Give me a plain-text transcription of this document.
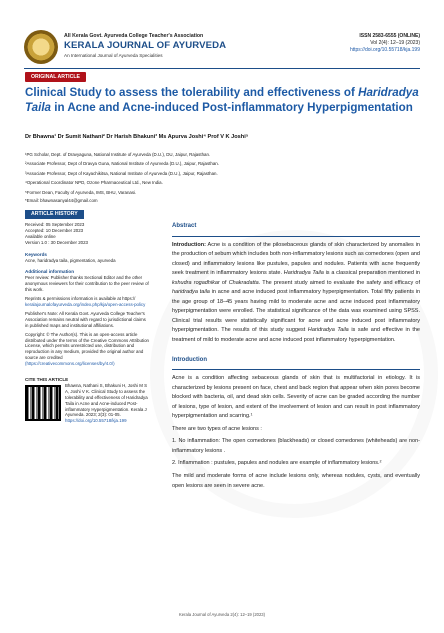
All Kerala Govt. Ayurveda College Teacher's Association
KERALA JOURNAL OF AYURVEDA
An International Journal of Ayurveda Specialities
ISSN 2583-6555 (ONLINE)
Vol 2(4): 12–19 (2023)
https://doi.org/10.55718/kja.199
ORIGINAL ARTICLE
Clinical Study to assess the tolerability and effectiveness of Haridradya Taila in Acne and Acne-induced Post-inflammatory Hyperpigmentation
Dr Bhawna¹ Dr Sumit Nathani² Dr Harish Bhakuni³ Ms Apurva Joshi⁴ Prof V K Joshi⁵
¹PG Scholar, Dept. of Dravyaguna, National Institute of Ayurveda (D.U.), DU, Jaipur, Rajasthan.
²Associate Professor, Dept of Dravya Guna, National Institute of Ayurveda (D.U.), Jaipur, Rajasthan.
³Associate Professor, Dept of Kayachikitsa, National Institute of Ayurveda (D.U.), Jaipur, Rajasthan.
⁴Operational Coordinator NPD, Ozone Pharmaceutical Ltd., New India.
⁵Former Dean, Faculty of Ayurveda, IMS, BHU, Varanasi.
*Email: bhawnasanyal44@gmail.com
ARTICLE HISTORY

Received: 05 September 2023

Accepted: 10 December 2023

Available online

Version 1.0 : 30 December 2023

Keywords

Acne, haridradya taila, pigmentation, ayurveda

Additional information

Peer review: Publisher thanks Sectional Editor and the other anonymous reviewers for their contribution to the peer review of this work.

Reprints & permissions information is available at https:// keralajournalofayurveda.org/index.php/kja/open-access-policy

Publisher's Note: All Kerala Govt. Ayurveda College Teacher's Association remains neutral with regard to jurisdictional claims in published maps and institutional affiliations.

Copyright: © The Author(s). This is an open-access article distributed under the terms of the Creative Commons Attribution License, which permits unrestricted use, distribution and reproduction in any medium, provided the original author and source are credited (https://creativecommons.org/licenses/by/4.0/)

CITE THIS ARTICLE
Bhawna, Nathani S, Bhakuni H, Joshi M S A, Joshi V K. Clinical Study to assess the tolerability and effectiveness of Haridradya Taila in Acne and Acne-induced Post-inflammatory Hyperpigmentation. Kerala J Ayurveda. 2023; 2(3): 01-05. https://doi.org/10.55718/kja.199
Abstract

Introduction: Acne is a condition of the pilosebaceous glands of skin characterized by anomalies in the production of sebum which includes both non-inflammatory lesions such as comedones (open and closed) and inflammatory lesions like pustules, papules and nodules. Patients with acne frequently seek treatment in inflammatory lesions state. Haridradya Taila is a classical preparation mentioned in kshudra rogadhikar of Chakradatta. The present study aimed to evaluate the safety and efficacy of haridradya taila in acne and acne induced post inflammatory hyperpigmentation. Total fifty patients in the age group of 18–45 years having mild to moderate acne and acne induced post inflammatory hyperpigmentation were enrolled. The statistical significance of the data was examined using SPSS. Clinical trial results were statistically significant for acne and acne induced post inflammatory hyperpigmentation. The results of this study suggest Haridradya Taila is safe and effective in the treatment of mild to moderate acne and acne induced post inflammatory hyperpigmentation.

Introduction

Acne is a condition affecting sebaceous glands of skin that is multifactorial in etiology. It is characterized by lesions present on face, chest and back region that appear when skin pores become blocked with bacteria, oil, and dead skin cells. Severity of acne can be graded according the number of lesions, type of lesion, and extent of the involvement of lesion and can result in post inflammatory hyperpigmentation and scarring.¹

There are two types of acne lesions :

1. No inflammation: The open comedones (blackheads) or closed comedones (whiteheads) are non- inflammatory lesions .

2. Inflammation : pustules, papules and nodules are example of inflammatory lesions.²

The mild and moderate forms of acne include lesions only, whereas nodules, cysts, and eventually open lesions are seen in severe acne.

Kerala Journal of Ayurveda 2(4): 12–19 (2023)
